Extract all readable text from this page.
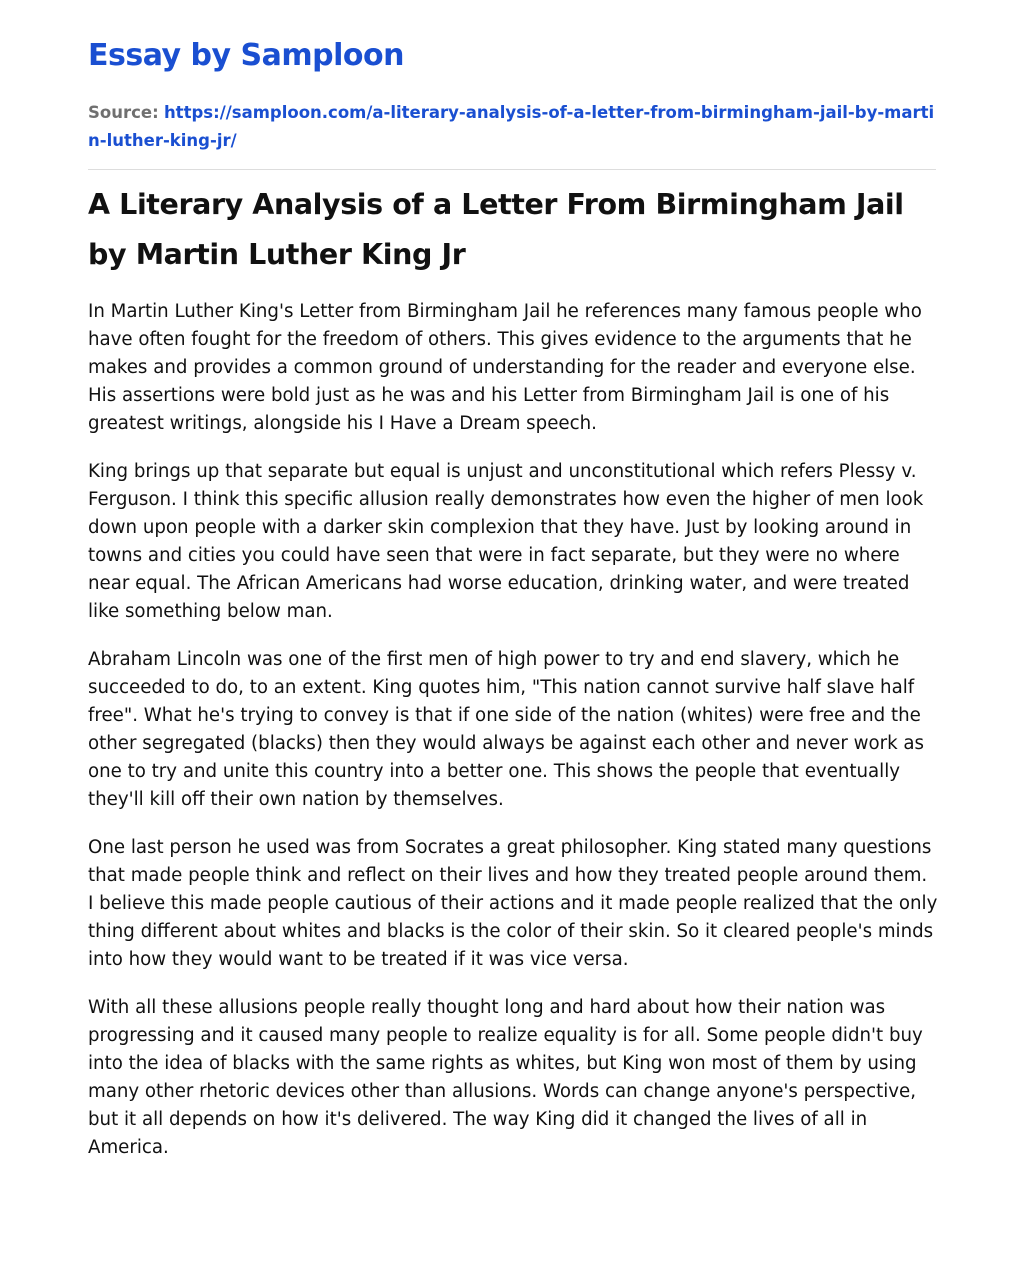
Essay by Samploon
Source: https://samploon.com/a-literary-analysis-of-a-letter-from-birmingham-jail-by-martin-luther-king-jr/
A Literary Analysis of a Letter From Birmingham Jail by Martin Luther King Jr

In Martin Luther King's Letter from Birmingham Jail he references many famous people who have often fought for the freedom of others. This gives evidence to the arguments that he makes and provides a common ground of understanding for the reader and everyone else. His assertions were bold just as he was and his Letter from Birmingham Jail is one of his greatest writings, alongside his I Have a Dream speech.

King brings up that separate but equal is unjust and unconstitutional which refers Plessy v. Ferguson. I think this specific allusion really demonstrates how even the higher of men look down upon people with a darker skin complexion that they have. Just by looking around in towns and cities you could have seen that were in fact separate, but they were no where near equal. The African Americans had worse education, drinking water, and were treated like something below man.

Abraham Lincoln was one of the first men of high power to try and end slavery, which he succeeded to do, to an extent. King quotes him, "This nation cannot survive half slave half free". What he's trying to convey is that if one side of the nation (whites) were free and the other segregated (blacks) then they would always be against each other and never work as one to try and unite this country into a better one. This shows the people that eventually they'll kill off their own nation by themselves.

One last person he used was from Socrates a great philosopher. King stated many questions that made people think and reflect on their lives and how they treated people around them. I believe this made people cautious of their actions and it made people realized that the only thing different about whites and blacks is the color of their skin. So it cleared people's minds into how they would want to be treated if it was vice versa.

With all these allusions people really thought long and hard about how their nation was progressing and it caused many people to realize equality is for all. Some people didn't buy into the idea of blacks with the same rights as whites, but King won most of them by using many other rhetoric devices other than allusions. Words can change anyone's perspective, but it all depends on how it's delivered. The way King did it changed the lives of all in America.
